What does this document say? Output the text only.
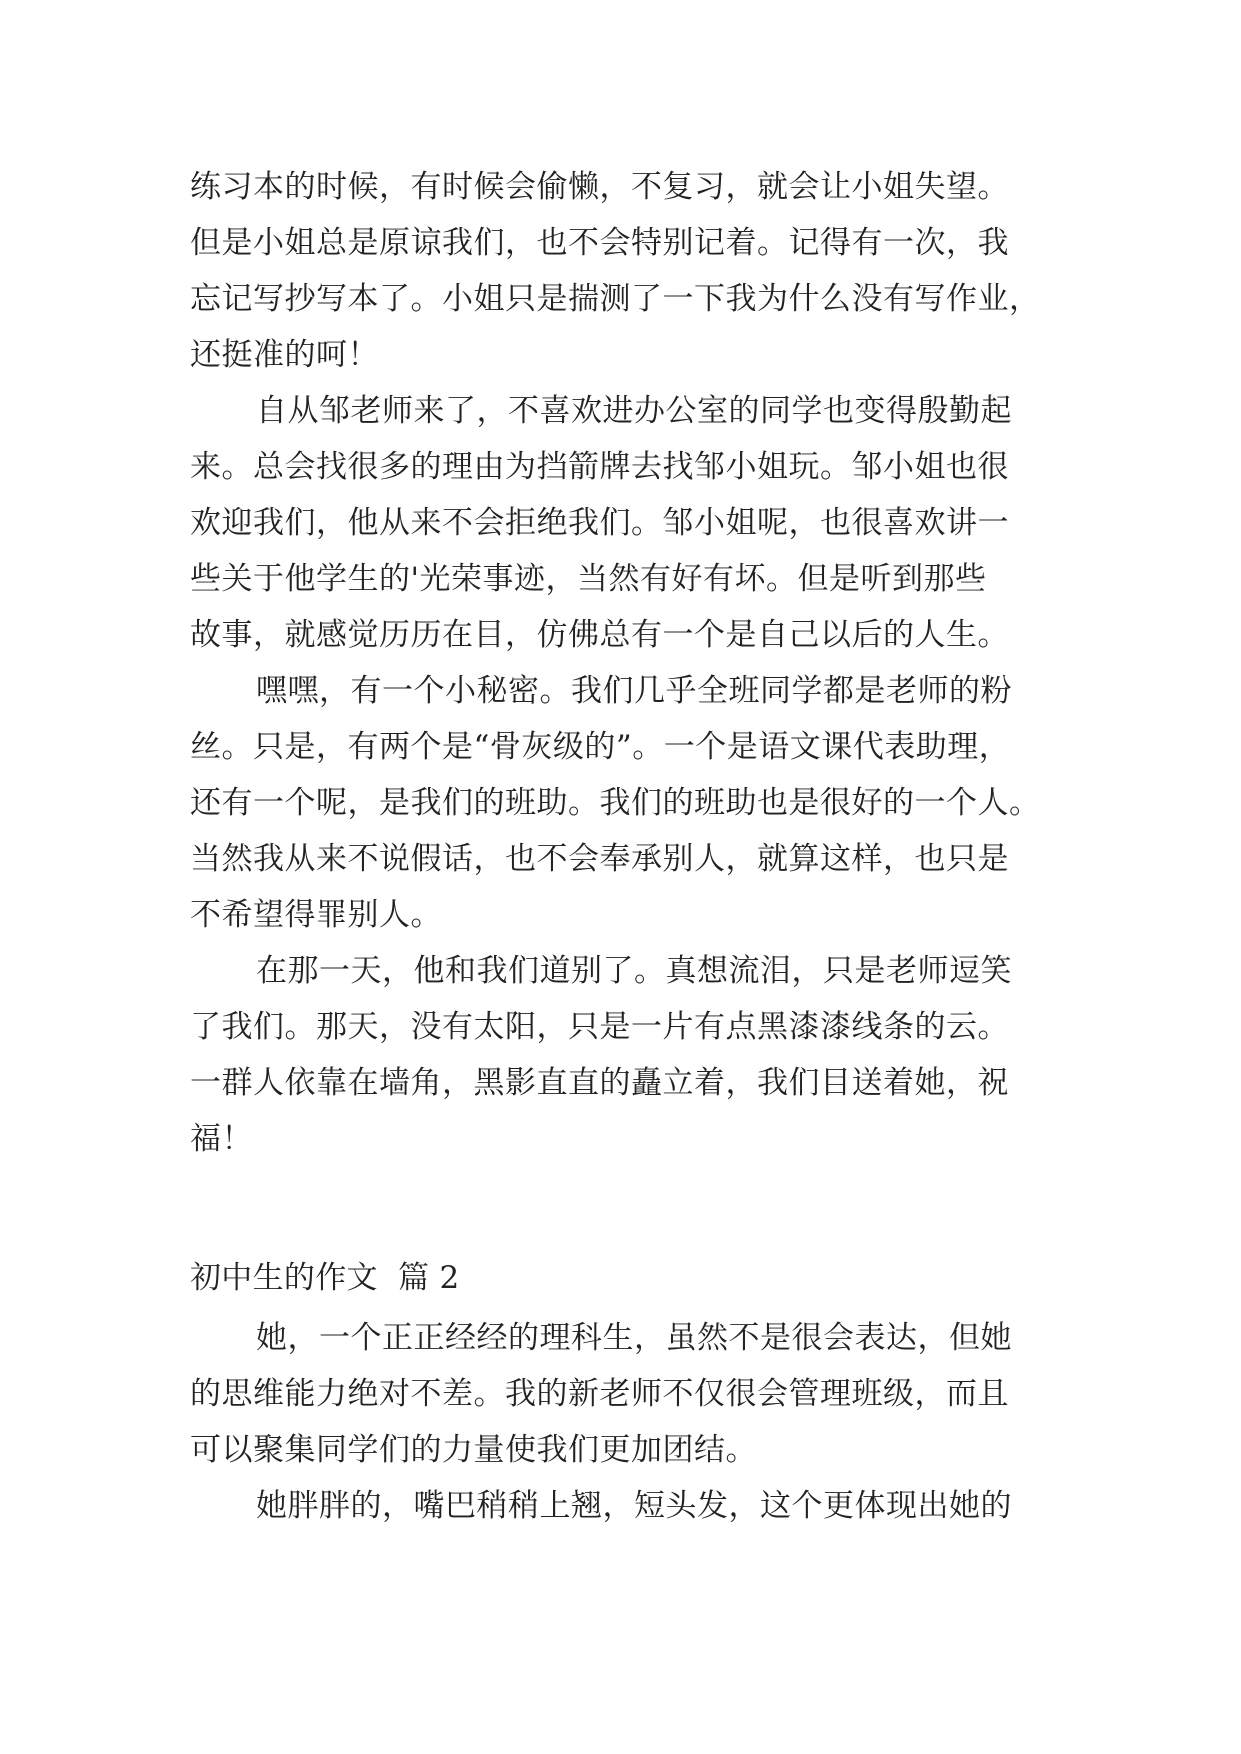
练习本的时候，有时候会偷懒，不复习，就会让小姐失望。
但是小姐总是原谅我们，也不会特别记着。记得有一次，我
忘记写抄写本了。小姐只是揣测了一下我为什么没有写作业，
还挺准的呵！
自从邹老师来了，不喜欢进办公室的同学也变得殷勤起
来。总会找很多的理由为挡箭牌去找邹小姐玩。邹小姐也很
欢迎我们，他从来不会拒绝我们。邹小姐呢，也很喜欢讲一
些关于他学生的'光荣事迹，当然有好有坏。但是听到那些
故事，就感觉历历在目，仿佛总有一个是自己以后的人生。
嘿嘿，有一个小秘密。我们几乎全班同学都是老师的粉
丝。只是，有两个是“骨灰级的”。一个是语文课代表助理，
还有一个呢，是我们的班助。我们的班助也是很好的一个人。
当然我从来不说假话，也不会奉承别人，就算这样，也只是
不希望得罪别人。
在那一天，他和我们道别了。真想流泪，只是老师逗笑
了我们。那天，没有太阳，只是一片有点黑漆漆线条的云。
一群人依靠在墙角，黑影直直的矗立着，我们目送着她，祝
福！
初中生的作文  篇 2
她，一个正正经经的理科生，虽然不是很会表达，但她
的思维能力绝对不差。我的新老师不仅很会管理班级，而且
可以聚集同学们的力量使我们更加团结。
她胖胖的，嘴巴稍稍上翘，短头发，这个更体现出她的
